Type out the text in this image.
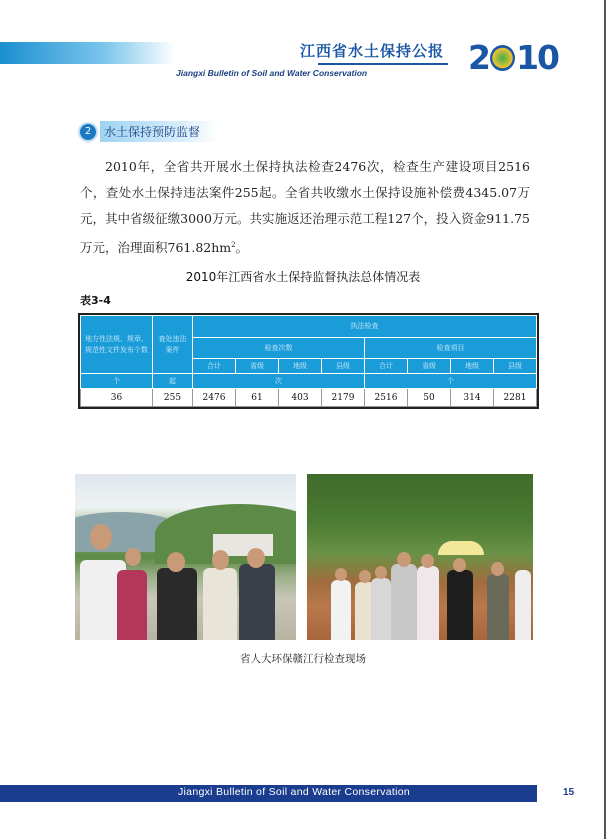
江西省水土保持公报
Jiangxi Bulletin of Soil and Water Conservation	2 10
2	水土保持预防监督

2010年，全省共开展水土保持执法检查2476次，检查生产建设项目2516个，查处水土保持违法案件255起。全省共收缴水土保持设施补偿费4345.07万元，其中省级征缴3000万元。共实施返还治理示范工程127个，投入资金911.75万元，治理面积$761.82hm^2$。

2010年江西省水土保持监督执法总体情况表
表3-4
地方性法规、规章、规范性文件发布个数	查处违法案件	执法检查							
		检查次数				检查项目			
		合计	省级	地级	县级	合计	省级	地级	县级
个	起	次				个			
36	255	2476	61	403	2179	2516	50	314	2281
省人大环保赣江行检查现场
Jiangxi Bulletin of Soil and Water Conservation	15
